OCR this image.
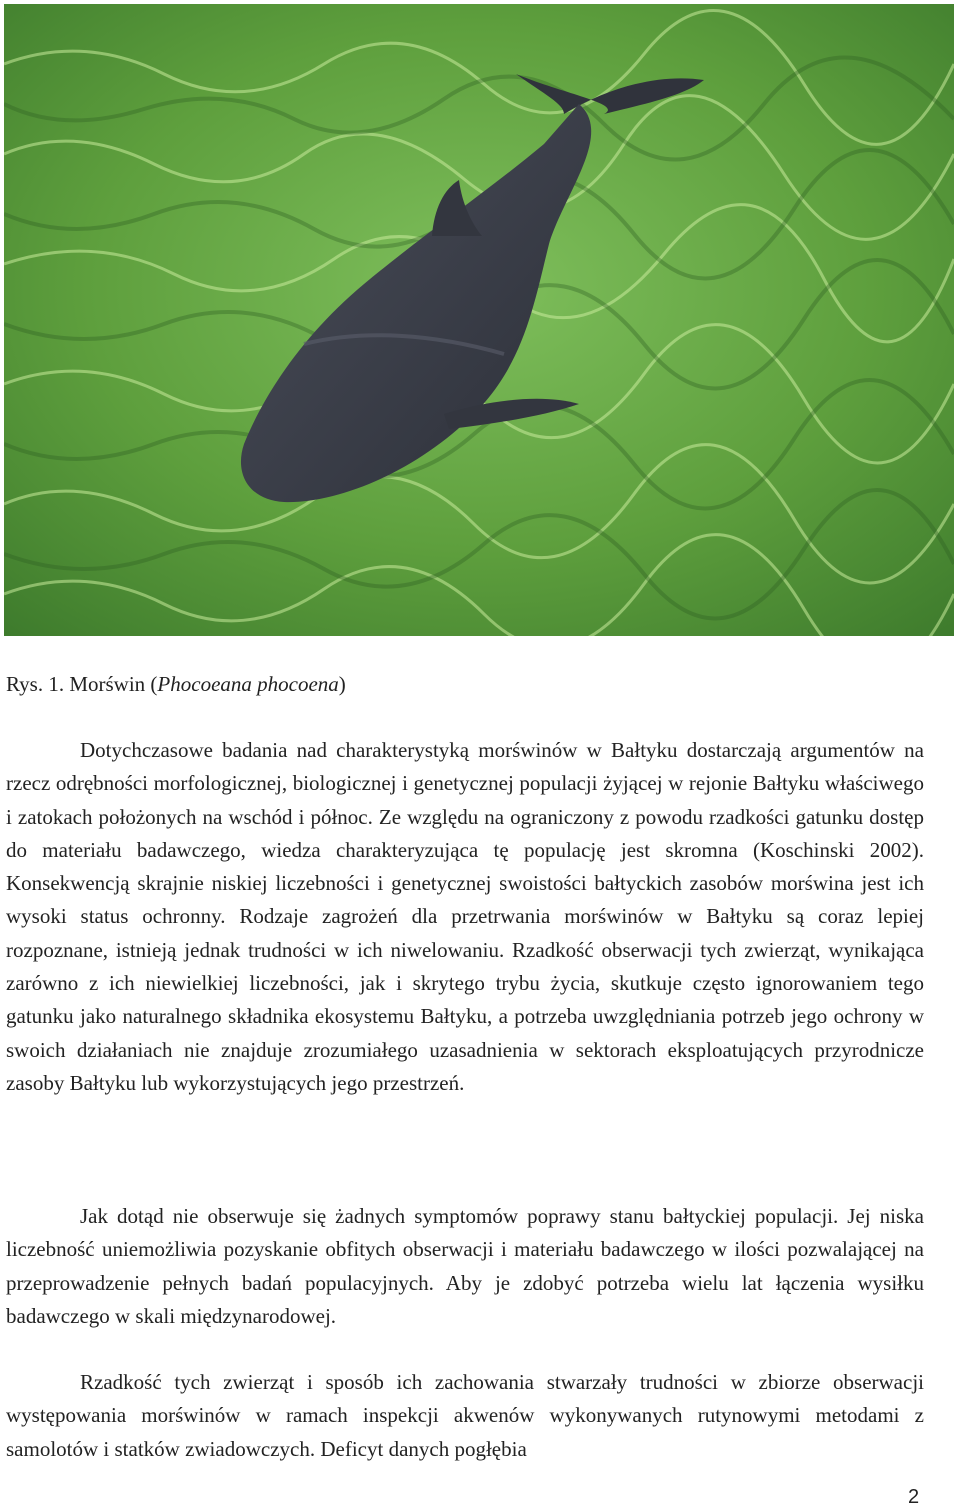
Rys. 1. Morświn (Phocoeana phocoena)

Dotychczasowe badania nad charakterystyką morświnów w Bałtyku dostarczają argumentów na rzecz odrębności morfologicznej, biologicznej i genetycznej populacji żyjącej w rejonie Bałtyku właściwego i zatokach położonych na wschód i północ. Ze względu na ograniczony z powodu rzadkości gatunku dostęp do materiału badawczego, wiedza charakteryzująca tę populację jest skromna (Koschinski 2002). Konsekwencją skrajnie niskiej liczebności i genetycznej swoistości bałtyckich zasobów morświna jest ich wysoki status ochronny. Rodzaje zagrożeń dla przetrwania morświnów w Bałtyku są coraz lepiej rozpoznane, istnieją jednak trudności w ich niwelowaniu. Rzadkość obserwacji tych zwierząt, wynikająca zarówno z ich niewielkiej liczebności, jak i skrytego trybu życia, skutkuje często ignorowaniem tego gatunku jako naturalnego składnika ekosystemu Bałtyku, a potrzeba uwzględniania potrzeb jego ochrony w swoich działaniach nie znajduje zrozumiałego uzasadnienia w sektorach eksploatujących przyrodnicze zasoby Bałtyku lub wykorzystujących jego przestrzeń.

Jak dotąd nie obserwuje się żadnych symptomów poprawy stanu bałtyckiej populacji. Jej niska liczebność uniemożliwia pozyskanie obfitych obserwacji i materiału badawczego w ilości pozwalającej na przeprowadzenie pełnych badań populacyjnych. Aby je zdobyć potrzeba wielu lat łączenia wysiłku badawczego w skali międzynarodowej.

Rzadkość tych zwierząt i sposób ich zachowania stwarzały trudności w zbiorze obserwacji występowania morświnów w ramach inspekcji akwenów wykonywanych rutynowymi metodami z samolotów i statków zwiadowczych. Deficyt danych pogłębia

2
